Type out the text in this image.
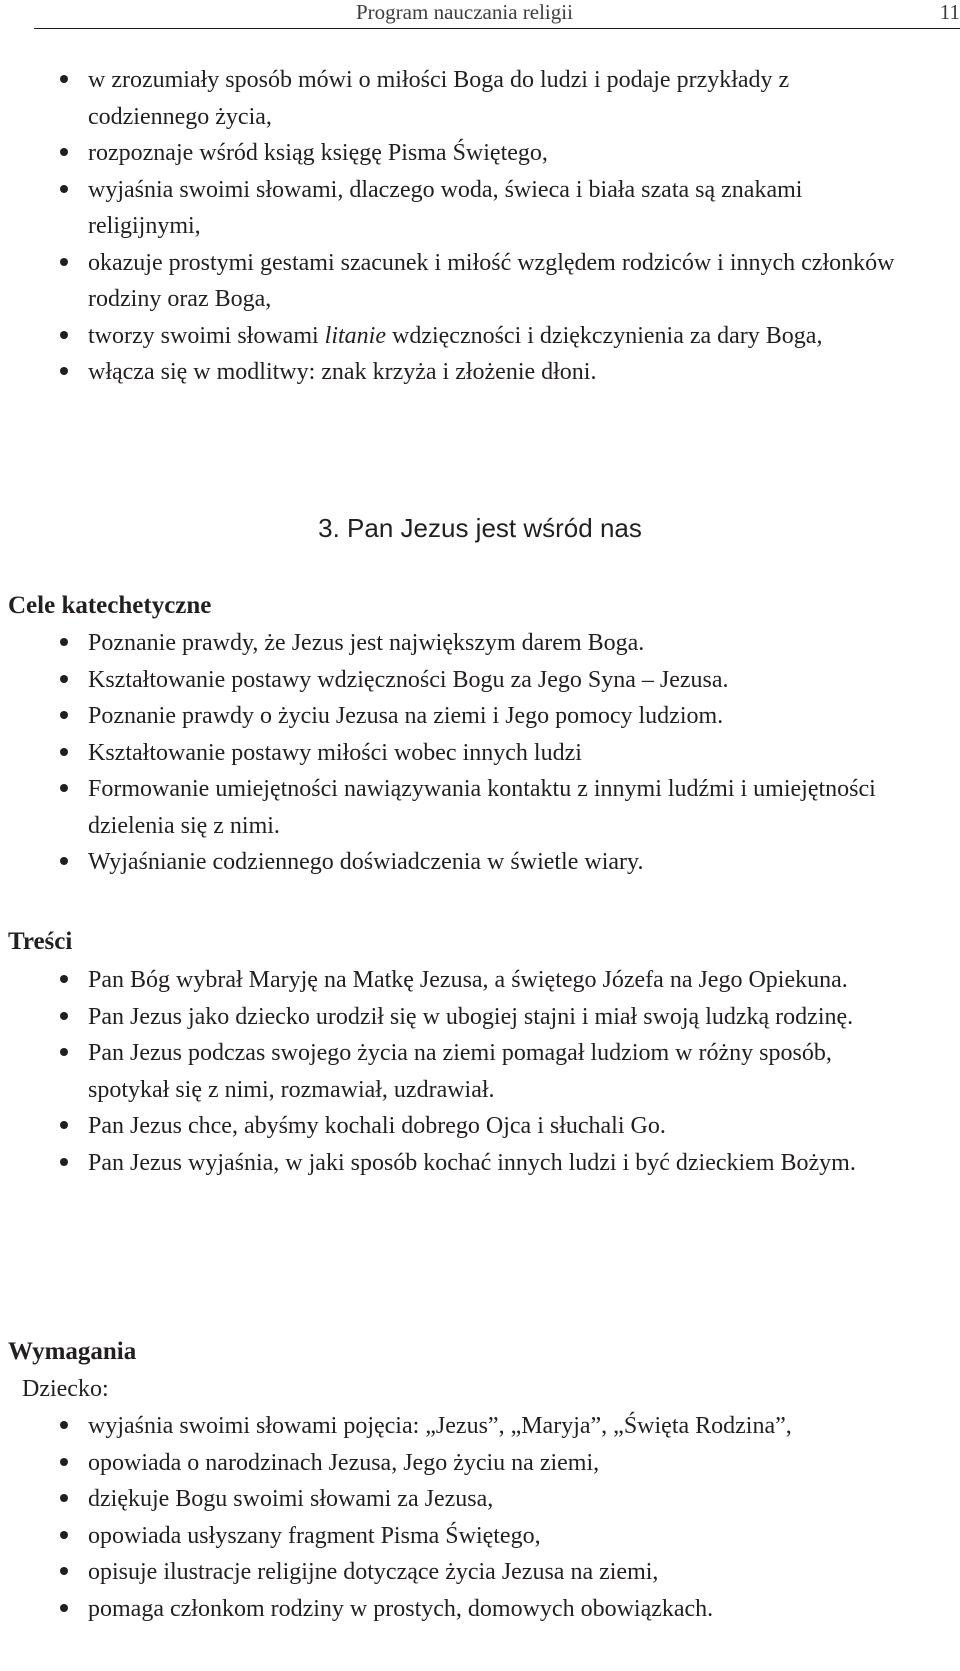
Program nauczania religii	11
w zrozumiały sposób mówi o miłości Boga do ludzi i podaje przykłady z codziennego życia,
rozpoznaje wśród ksiąg księgę Pisma Świętego,
wyjaśnia swoimi słowami, dlaczego woda, świeca i biała szata są znakami religijnymi,
okazuje prostymi gestami szacunek i miłość względem rodziców i innych członków rodziny oraz Boga,
tworzy swoimi słowami litanie wdzięczności i dziękczynienia za dary Boga,
włącza się w modlitwy: znak krzyża i złożenie dłoni.
3. Pan Jezus jest wśród nas
Cele katechetyczne
Poznanie prawdy, że Jezus jest największym darem Boga.
Kształtowanie postawy wdzięczności Bogu za Jego Syna – Jezusa.
Poznanie prawdy o życiu Jezusa na ziemi i Jego pomocy ludziom.
Kształtowanie postawy miłości wobec innych ludzi
Formowanie umiejętności nawiązywania kontaktu z innymi ludźmi i umiejętności dzielenia się z nimi.
Wyjaśnianie codziennego doświadczenia w świetle wiary.
Treści
Pan Bóg wybrał Maryję na Matkę Jezusa, a świętego Józefa na Jego Opiekuna.
Pan Jezus jako dziecko urodził się w ubogiej stajni i miał swoją ludzką rodzinę.
Pan Jezus podczas swojego życia na ziemi pomagał ludziom w różny sposób, spotykał się z nimi, rozmawiał, uzdrawiał.
Pan Jezus chce, abyśmy kochali dobrego Ojca i słuchali Go.
Pan Jezus wyjaśnia, w jaki sposób kochać innych ludzi i być dzieckiem Bożym.
Wymagania
Dziecko:
wyjaśnia swoimi słowami pojęcia: „Jezus”, „Maryja”, „Święta Rodzina”,
opowiada o narodzinach Jezusa, Jego życiu na ziemi,
dziękuje Bogu swoimi słowami za Jezusa,
opowiada usłyszany fragment Pisma Świętego,
opisuje ilustracje religijne dotyczące życia Jezusa na ziemi,
pomaga członkom rodziny w prostych, domowych obowiązkach.
